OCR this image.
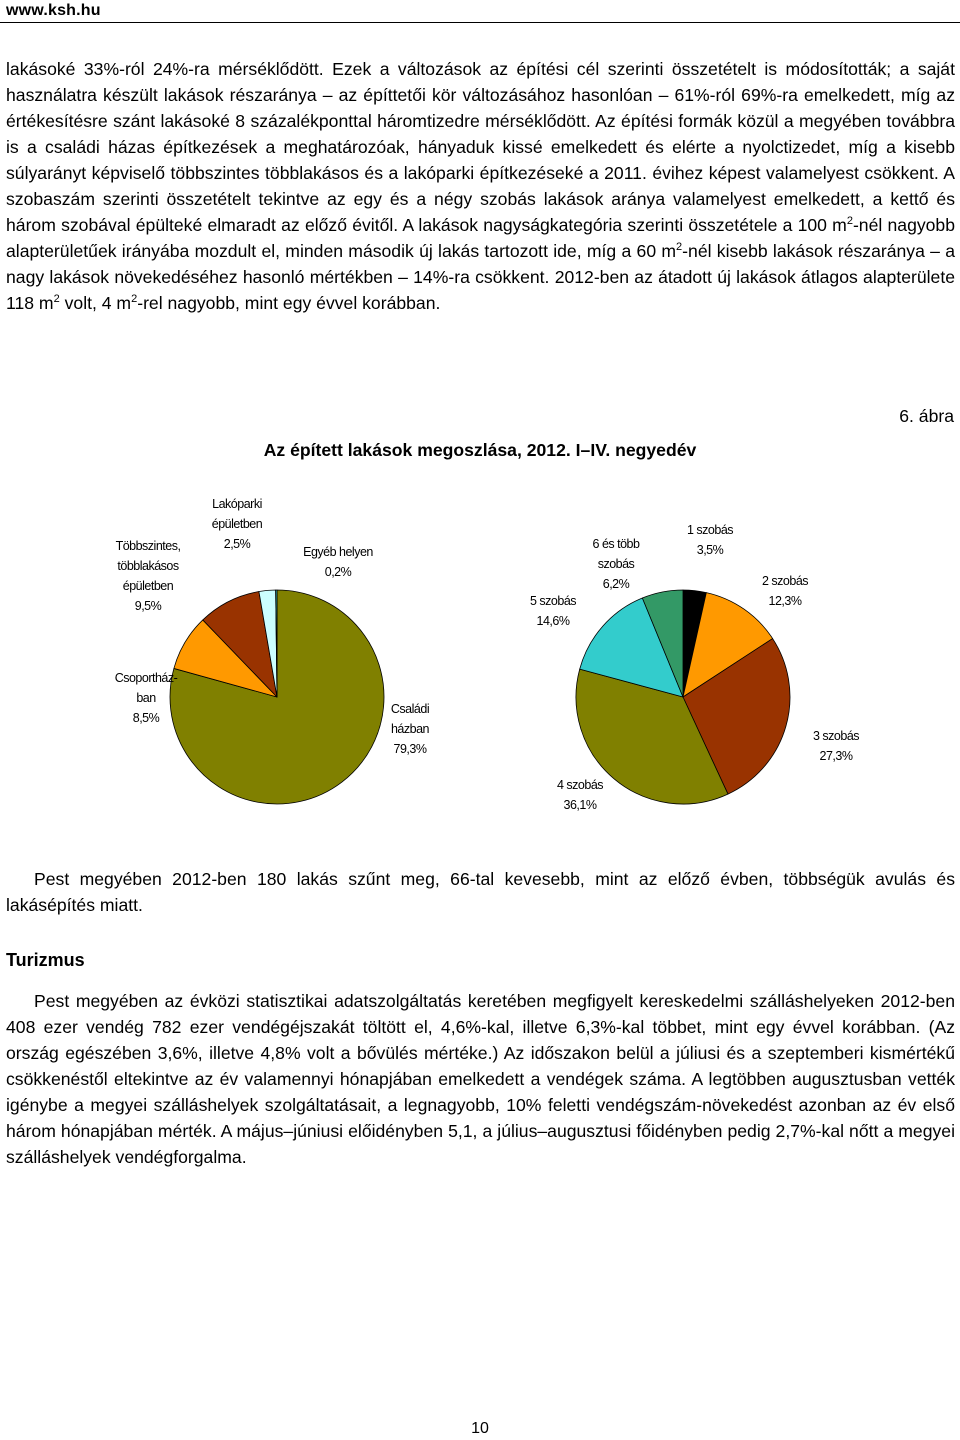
www.ksh.hu

lakásoké 33%-ról 24%-ra mérséklődött. Ezek a változások az építési cél szerinti összetételt is módosították; a saját használatra készült lakások részaránya – az építtetői kör változásához hasonlóan – 61%-ról 69%-ra emelkedett, míg az értékesítésre szánt lakásoké 8 százalékponttal háromtizedre mérséklődött. Az építési formák közül a megyében továbbra is a családi házas építkezések a meghatározóak, hányaduk kissé emelkedett és elérte a nyolctizedet, míg a kisebb súlyarányt képviselő többszintes többlakásos és a lakóparki építkezéseké a 2011. évihez képest valamelyest csökkent. A szobaszám szerinti összetételt tekintve az egy és a négy szobás lakások aránya valamelyest emelkedett, a kettő és három szobával épülteké elmaradt az előző évitől. A lakások nagyságkategória szerinti összetétele a 100 $m^2$-nél nagyobb alapterületűek irányába mozdult el, minden második új lakás tartozott ide, míg a 60 $m^2$-nél kisebb lakások részaránya – a nagy lakások növekedéséhez hasonló mértékben – 14%-ra csökkent. 2012-ben az átadott új lakások átlagos alapterülete 118 $m^2$ volt, 4 $m^2$-rel nagyobb, mint egy évvel korábban.

6. ábra
Az épített lakások megoszlása, 2012. I–IV. negyedév
Családi házban 79,3%
Csoportház-ban 8,5%
Többszintes, többlakásos épületben 9,5%
Lakóparki épületben 2,5%
Egyéb helyen 0,2%
1 szobás 3,5%
2 szobás 12,3%
3 szobás 27,3%
4 szobás 36,1%
5 szobás 14,6%
6 és több szobás 6,2%

Pest megyében 2012-ben 180 lakás szűnt meg, 66-tal kevesebb, mint az előző évben, többségük avulás és lakásépítés miatt.

Turizmus

Pest megyében az évközi statisztikai adatszolgáltatás keretében megfigyelt kereskedelmi szálláshelyeken 2012-ben 408 ezer vendég 782 ezer vendégéjszakát töltött el, 4,6%-kal, illetve 6,3%-kal többet, mint egy évvel korábban. (Az ország egészében 3,6%, illetve 4,8% volt a bővülés mértéke.) Az időszakon belül a júliusi és a szeptemberi kismértékű csökkenéstől eltekintve az év valamennyi hónapjában emelkedett a vendégek száma. A legtöbben augusztusban vették igénybe a megyei szálláshelyek szolgáltatásait, a legnagyobb, 10% feletti vendégszám-növekedést azonban az év első három hónapjában mérték. A május–júniusi előidényben 5,1, a július–augusztusi főidényben pedig 2,7%-kal nőtt a megyei szálláshelyek vendégforgalma.

10
